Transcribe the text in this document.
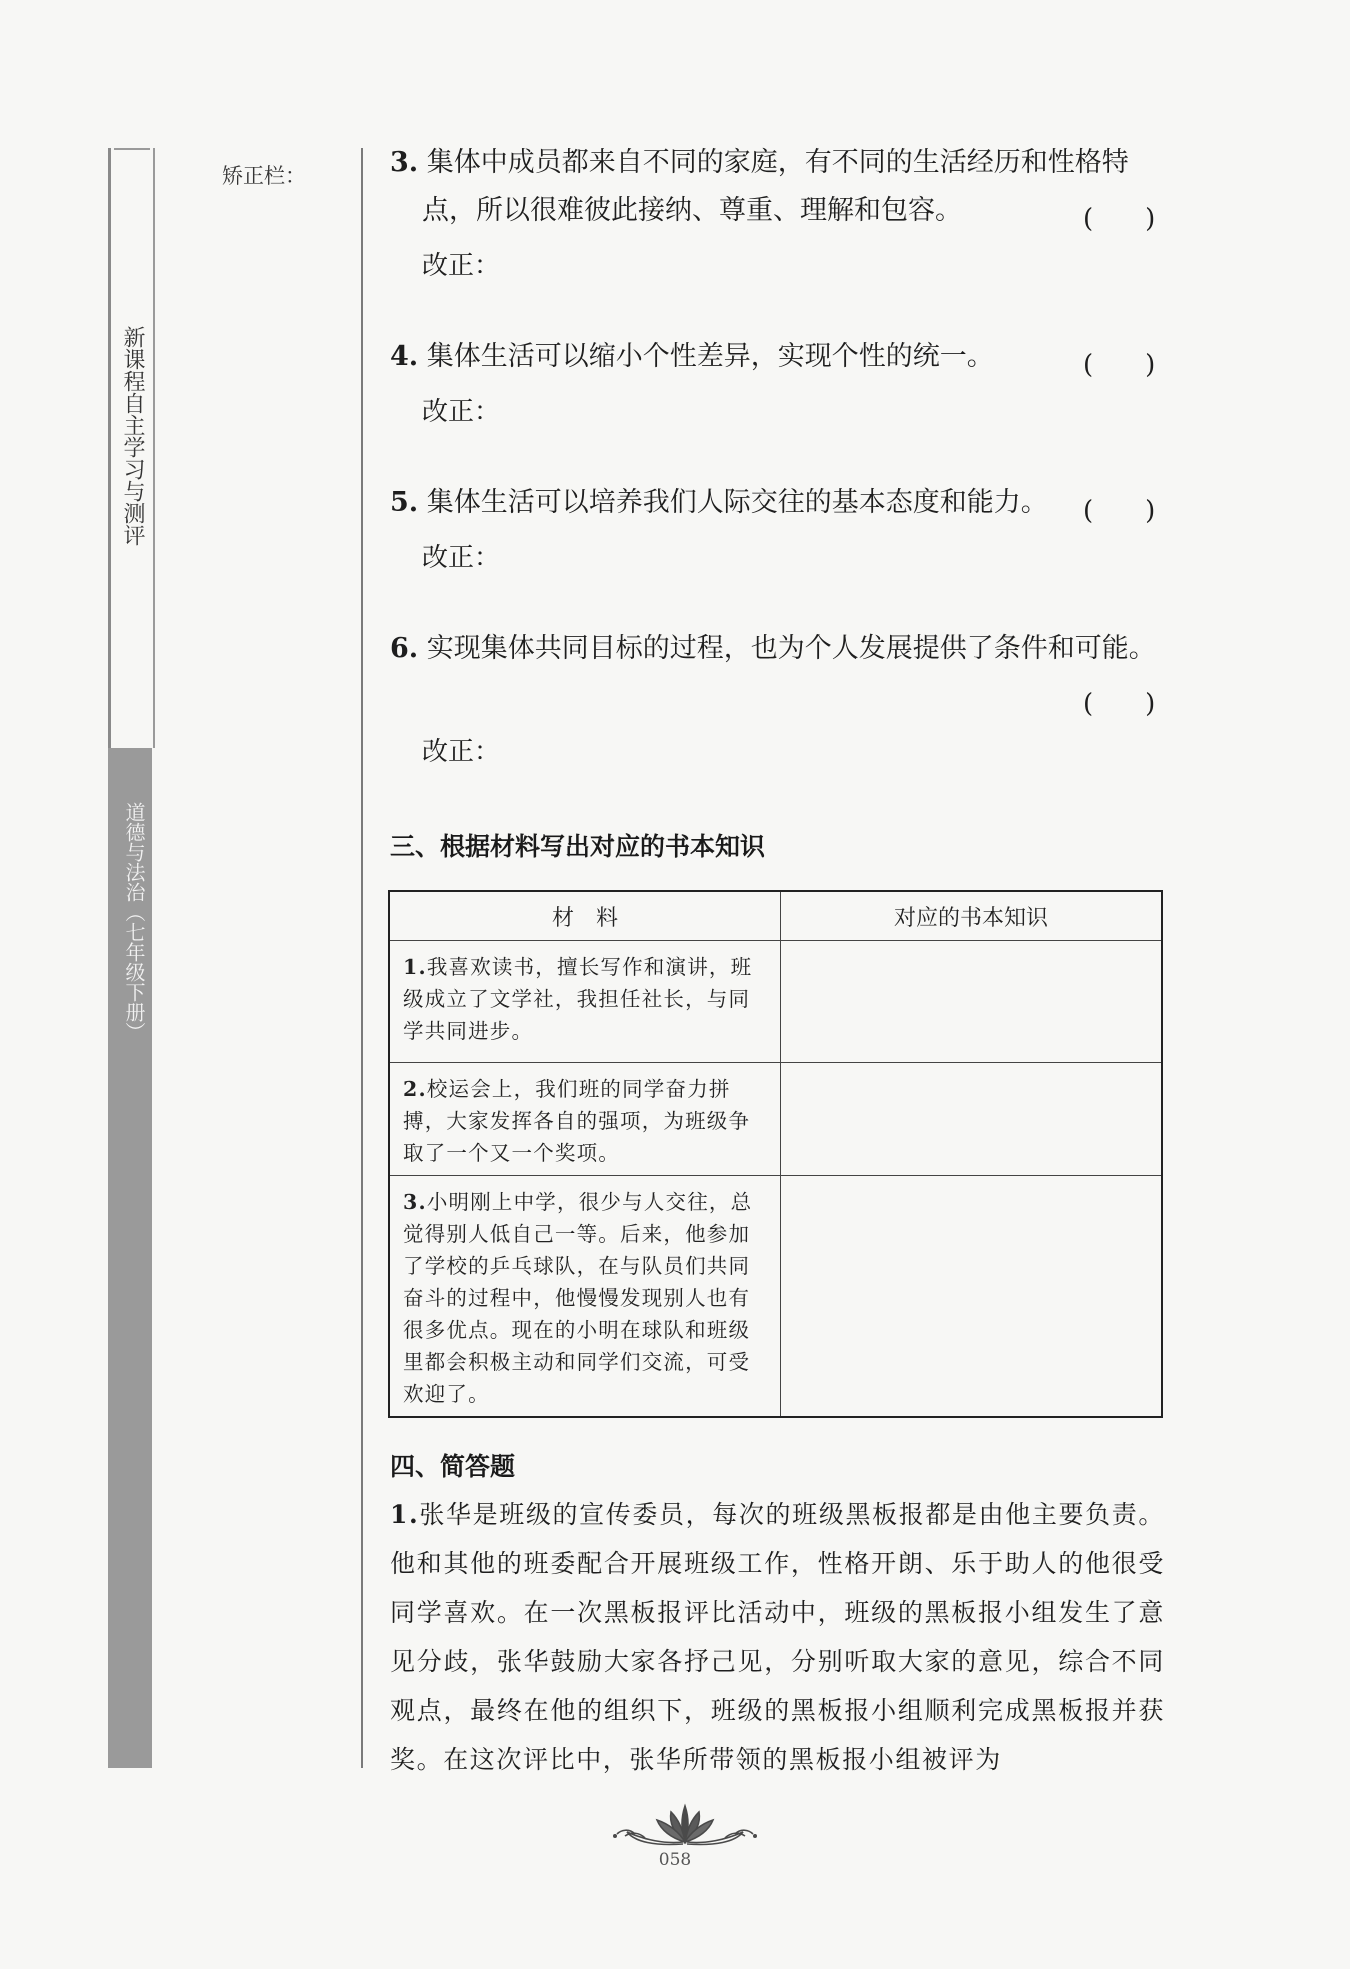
新课程自主学习与测评
道德与法治（七年级下册）
矫正栏：	3. 集体中成员都来自不同的家庭，有不同的生活经历和性格特
点，所以很难彼此接纳、尊重、理解和包容。	(　　)
改正：
4. 集体生活可以缩小个性差异，实现个性的统一。	(　　)
改正：
5. 集体生活可以培养我们人际交往的基本态度和能力。 (　　)
改正：
6. 实现集体共同目标的过程，也为个人发展提供了条件和可能。
(　　)
改正：
三、根据材料写出对应的书本知识
材　料	对应的书本知识
1.我喜欢读书，擅长写作和演讲，班级成立了文学社，我担任社长，与同学共同进步。	
2.校运会上，我们班的同学奋力拼搏，大家发挥各自的强项，为班级争取了一个又一个奖项。	
3.小明刚上中学，很少与人交往，总觉得别人低自己一等。后来，他参加了学校的乒乓球队，在与队员们共同奋斗的过程中，他慢慢发现别人也有很多优点。现在的小明在球队和班级里都会积极主动和同学们交流，可受欢迎了。	
四、简答题
1.张华是班级的宣传委员，每次的班级黑板报都是由他主要负责。他和其他的班委配合开展班级工作，性格开朗、乐于助人的他很受同学喜欢。在一次黑板报评比活动中，班级的黑板报小组发生了意见分歧，张华鼓励大家各抒己见，分别听取大家的意见，综合不同观点，最终在他的组织下，班级的黑板报小组顺利完成黑板报并获奖。在这次评比中，张华所带领的黑板报小组被评为
058
